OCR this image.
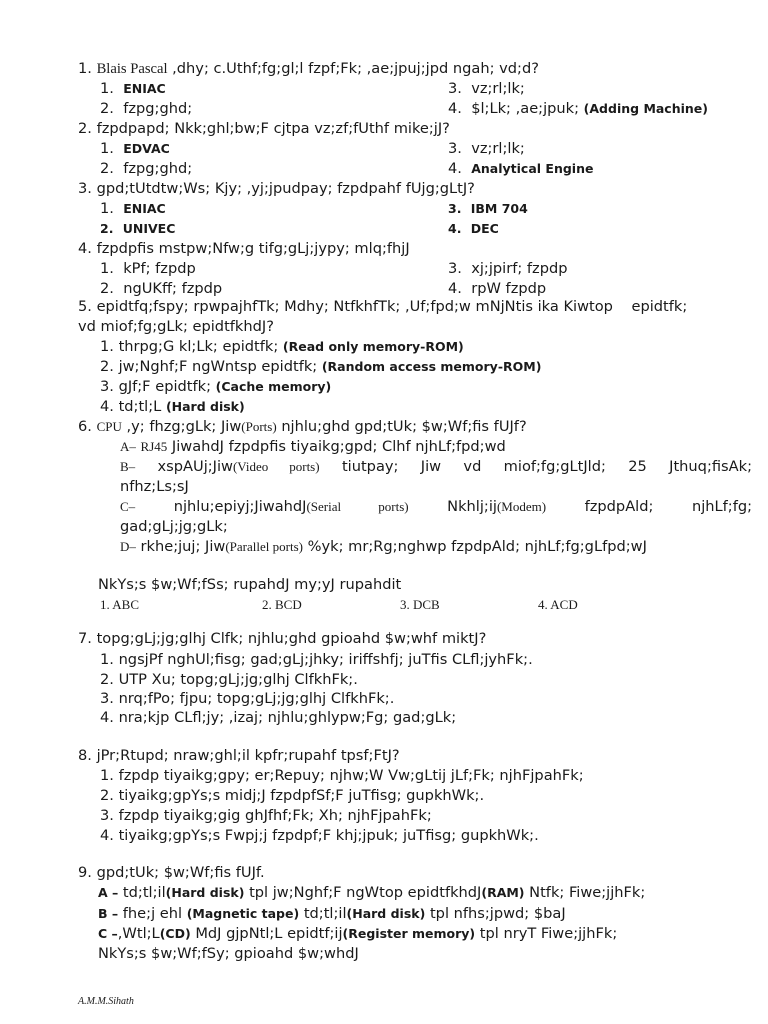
1. Blais Pascal ,dhy; c.Uthf;fg;gl;l fzpf;Fk; ,ae;jpuj;jpd ngah; vd;d?
1. ENIAC	3. vz;rl;lk;
2. fzpg;ghd;	4. $l;Lk; ,ae;jpuk; (Adding Machine)
2. fzpdpapd; Nkk;ghl;bw;F cjtpa vz;zf;fUthf mike;jJ?
1. EDVAC	3. vz;rl;lk;
2. fzpg;ghd;	4. Analytical Engine
3. gpd;tUtdtw;Ws; Kjy; ,yj;jpudpay; fzpdpahf fUjg;gLtJ?
1. ENIAC	3. IBM 704
2. UNIVEC	4. DEC
4. fzpdpfis mstpw;Nfw;g tifg;gLj;jypy; mlq;fhjJ
1. kPf; fzpdp	3. xj;jpirf; fzpdp
2. ngUKff; fzpdp	4. rpW fzpdp
5. epidtfq;fspy; rpwpajhfTk; Mdhy; NtfkhfTk; ,Uf;fpd;w mNjNtis ika Kiwtop epidtfk;
vd miof;fg;gLk; epidtfkhdJ?
1. thrpg;G kl;Lk; epidtfk; (Read only memory-ROM)
2. jw;Nghf;F ngWntsp epidtfk; (Random access memory-ROM)
3. gJf;F epidtfk; (Cache memory)
4. td;tl;L (Hard disk)
6. CPU ,y; fhzg;gLk; Jiw(Ports) njhlu;ghd gpd;tUk; $w;Wf;fis fUJf?
A– RJ45 JiwahdJ fzpdpfis tiyaikg;gpd; Clhf njhLf;fpd;wd
B– xspAUj;Jiw(Video ports) tiutpay; Jiw vd miof;fg;gLtJld; 25 Jthuq;fisAk;
nfhz;Ls;sJ
C–	njhlu;epiyj;JiwahdJ(Serial ports)	Nkhlj;ij(Modem)	fzpdpAld; njhLf;fg;
gad;gLj;jg;gLk;
D– rkhe;juj; Jiw(Parallel ports) %yk; mr;Rg;nghwp fzpdpAld; njhLf;fg;gLfpd;wJ
NkYs;s $w;Wf;fSs; rupahdJ my;yJ rupahdit
1. ABC	2. BCD	3. DCB	4. ACD
7. topg;gLj;jg;glhj Clfk; njhlu;ghd gpioahd $w;whf miktJ?
1. ngsjPf nghUl;fisg; gad;gLj;jhky; iriffshfj; juTfis CLfl;jyhFk;.
2. UTP Xu; topg;gLj;jg;glhj ClfkhFk;.
3. nrq;fPo; fjpu; topg;gLj;jg;glhj ClfkhFk;.
4. nra;kjp CLfl;jy; ,izaj; njhlu;ghlypw;Fg; gad;gLk;
8. jPr;Rtupd; nraw;ghl;il kpfr;rupahf tpsf;FtJ?
1. fzpdp tiyaikg;gpy; er;Repuy; njhw;W Vw;gLtij jLf;Fk; njhFjpahFk;
2. tiyaikg;gpYs;s midj;J fzpdpfSf;F juTfisg; gupkhWk;.
3. fzpdp tiyaikg;gig ghJfhf;Fk; Xh; njhFjpahFk;
4. tiyaikg;gpYs;s Fwpj;j fzpdpf;F khj;jpuk; juTfisg; gupkhWk;.
9. gpd;tUk; $w;Wf;fis fUJf.
A – td;tl;il(Hard disk) tpl jw;Nghf;F ngWtop epidtfkhdJ(RAM) Ntfk; Fiwe;jjhFk;
B – fhe;j ehl (Magnetic tape) td;tl;il(Hard disk) tpl nfhs;jpwd; $baJ
C –,Wtl;L(CD) MdJ gjpNtl;L epidtf;ij(Register memory) tpl nryT Fiwe;jjhFk;
NkYs;s $w;Wf;fSy; gpioahd $w;whdJ
A.M.M.Sihath
